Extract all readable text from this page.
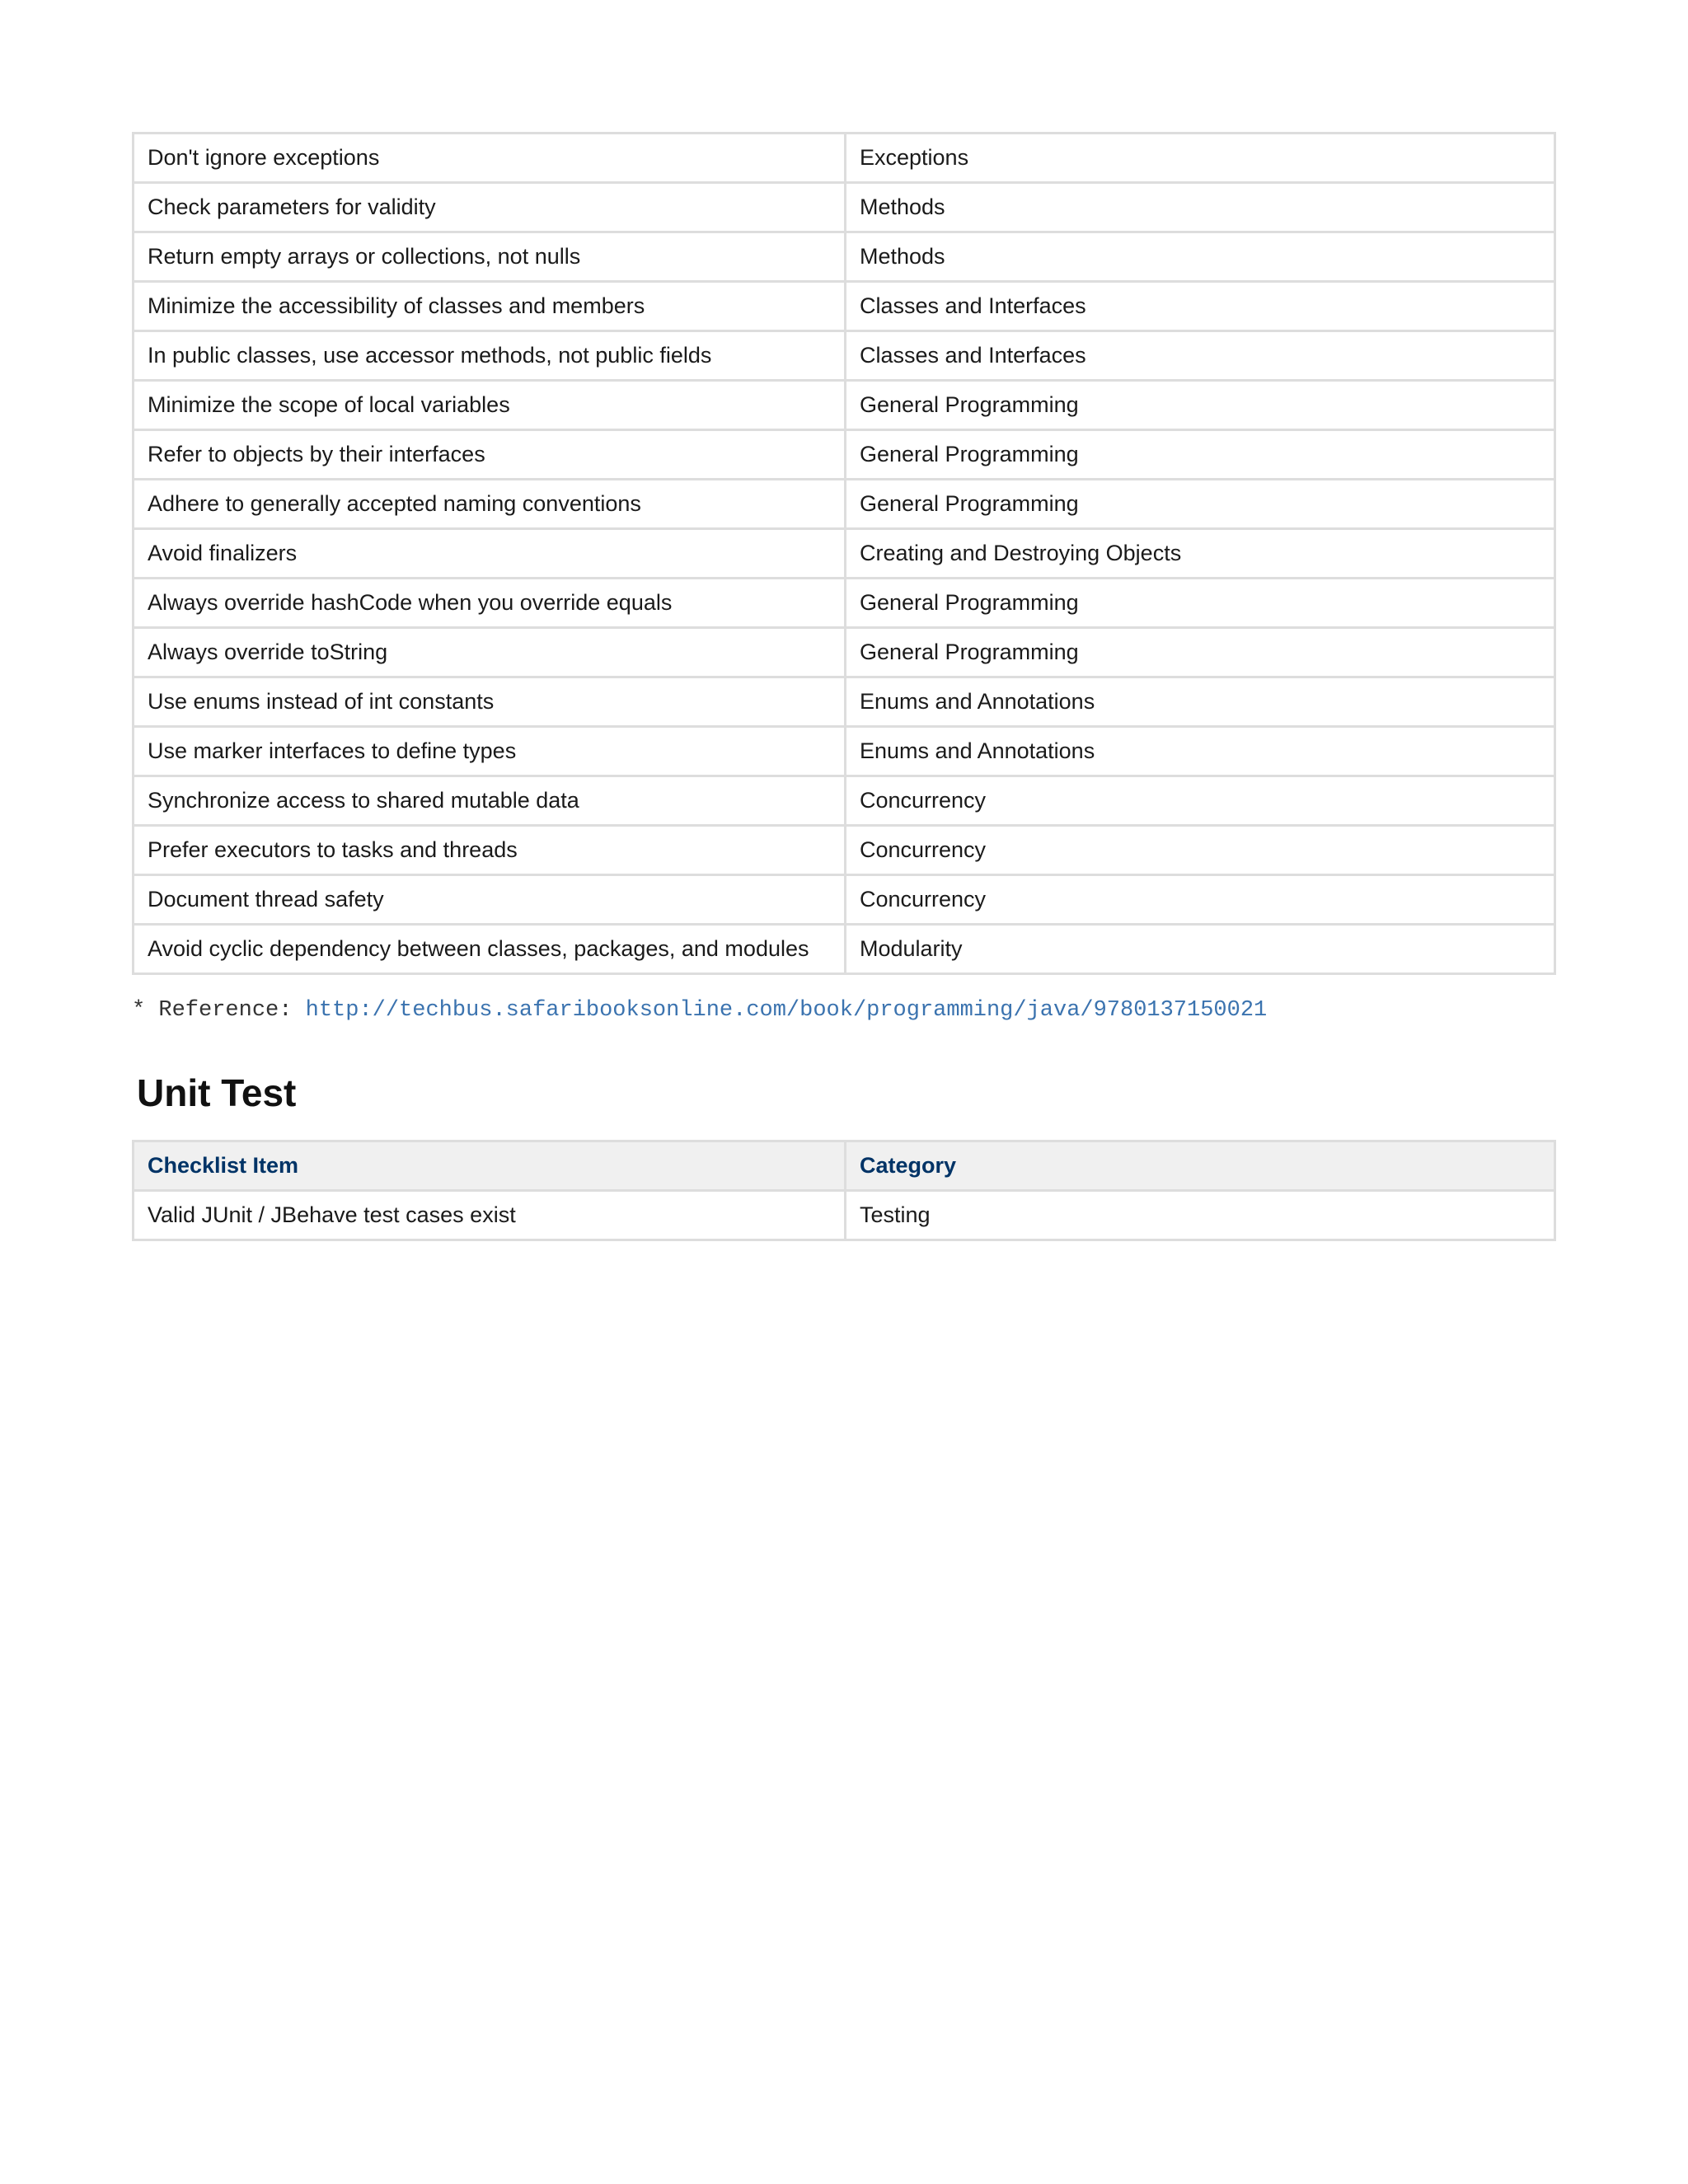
Don't ignore exceptions	Exceptions
Check parameters for validity	Methods
Return empty arrays or collections, not nulls	Methods
Minimize the accessibility of classes and members	Classes and Interfaces
In public classes, use accessor methods, not public fields	Classes and Interfaces
Minimize the scope of local variables	General Programming
Refer to objects by their interfaces	General Programming
Adhere to generally accepted naming conventions	General Programming
Avoid finalizers	Creating and Destroying Objects
Always override hashCode when you override equals	General Programming
Always override toString	General Programming
Use enums instead of int constants	Enums and Annotations
Use marker interfaces to define types	Enums and Annotations
Synchronize access to shared mutable data	Concurrency
Prefer executors to tasks and threads	Concurrency
Document thread safety	Concurrency
Avoid cyclic dependency between classes, packages, and modules	Modularity
* Reference: http://techbus.safaribooksonline.com/book/programming/java/9780137150021
Unit Test
Checklist Item	Category
Valid JUnit / JBehave test cases exist	Testing
